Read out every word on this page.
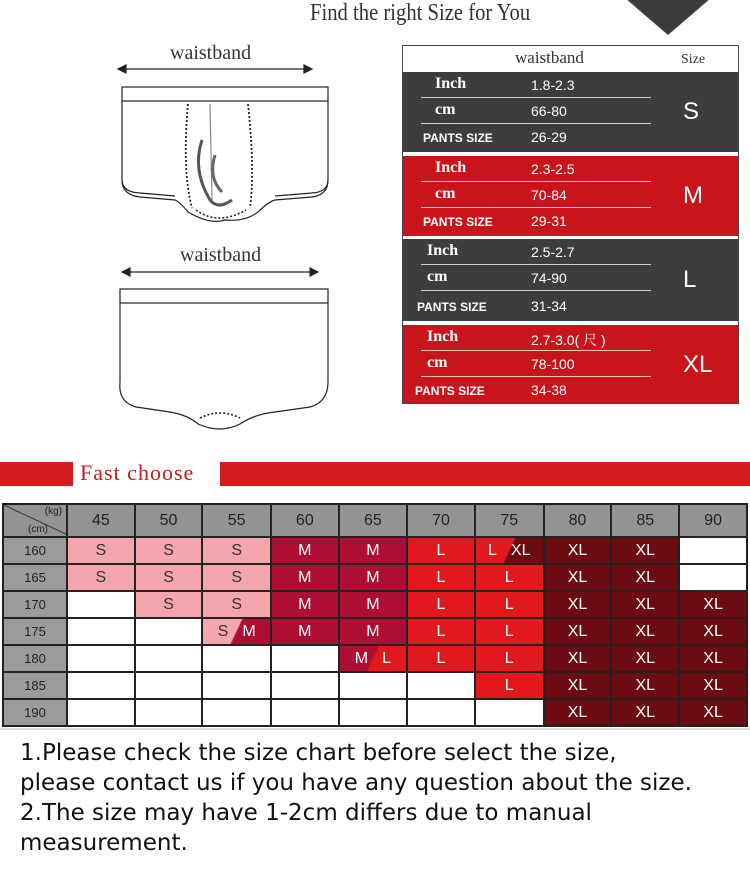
Find the right Size for You
waistband
waistband
waistband	Size
Inch	1.8-2.3
cm	66-80
PANTS SIZE	26-29
S
Inch	2.3-2.5
cm	70-84
PANTS SIZE	29-31
M
Inch	2.5-2.7
cm	74-90
PANTS SIZE	31-34
L
Inch	2.7-3.0( 尺 )
cm	78-100
PANTS SIZE	34-38
XL
Fast choose
(kg)
(cm)	45	50	55	60	65	70	75	80	85	90
160	S	S	S	M	M	L	L XL	XL	XL	
165	S	S	S	M	M	L	L	XL	XL	
170		S	S	M	M	L	L	XL	XL	XL
175			S M	M	M	L	L	XL	XL	XL
180					M L	L	L	XL	XL	XL
185							L	XL	XL	XL
190								XL	XL	XL
1.Please check the size chart before select the size,
please contact us if you have any question about the size.
2.The size may have 1-2cm differs due to manual
measurement.
